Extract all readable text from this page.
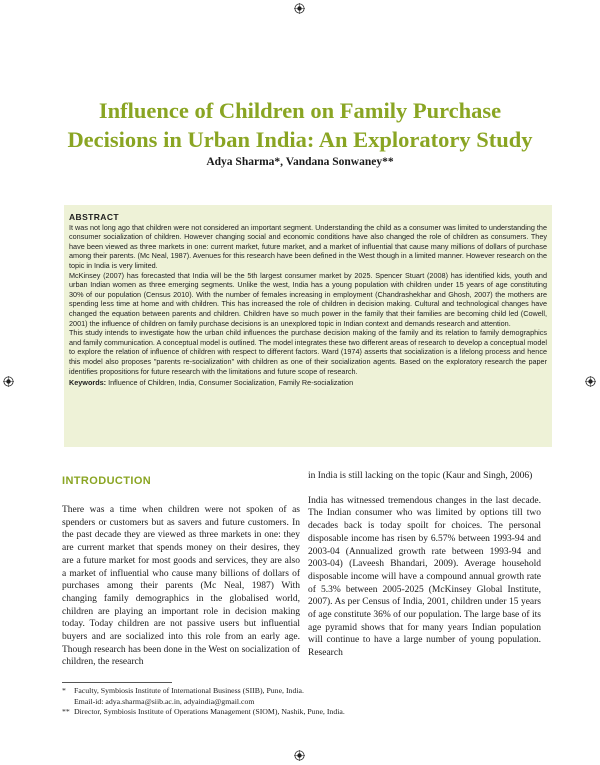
Influence of Children on Family Purchase
Decisions in Urban India: An Exploratory Study

Adya Sharma*, Vandana Sonwaney**

ABSTRACT

It was not long ago that children were not considered an important segment. Understanding the child as a consumer was limited to understanding the consumer socialization of children. However changing social and economic conditions have also changed the role of children as consumers. They have been viewed as three markets in one: current market, future market, and a market of influential that cause many millions of dollars of purchase among their parents. (Mc Neal, 1987). Avenues for this research have been defined in the West though in a limited manner. However research on the topic in India is very limited.

McKinsey (2007) has forecasted that India will be the 5th largest consumer market by 2025. Spencer Stuart (2008) has identified kids, youth and urban Indian women as three emerging segments. Unlike the west, India has a young population with children under 15 years of age constituting 30% of our population (Census 2010). With the number of females increasing in employment (Chandrashekhar and Ghosh, 2007) the mothers are spending less time at home and with children. This has increased the role of children in decision making. Cultural and technological changes have changed the equation between parents and children. Children have so much power in the family that their families are becoming child led (Cowell, 2001) the influence of children on family purchase decisions is an unexplored topic in Indian context and demands research and attention.

This study intends to investigate how the urban child influences the purchase decision making of the family and its relation to family demographics and family communication. A conceptual model is outlined. The model integrates these two different areas of research to develop a conceptual model to explore the relation of influence of children with respect to different factors. Ward (1974) asserts that socialization is a lifelong process and hence this model also proposes "parents re-socialization" with children as one of their socialization agents. Based on the exploratory research the paper identifies propositions for future research with the limitations and future scope of research.

Keywords: Influence of Children, India, Consumer Socialization, Family Re-socialization

INTRODUCTION

There was a time when children were not spoken of as spenders or customers but as savers and future customers. In the past decade they are viewed as three markets in one: they are current market that spends money on their desires, they are a future market for most goods and services, they are also a market of influential who cause many billions of dollars of purchases among their parents (Mc Neal, 1987) With changing family demographics in the globalised world, children are playing an important role in decision making today. Today children are not passive users but influential buyers and are socialized into this role from an early age. Though research has been done in the West on socialization of children, the research

in India is still lacking on the topic (Kaur and Singh, 2006)

India has witnessed tremendous changes in the last decade. The Indian consumer who was limited by options till two decades back is today spoilt for choices. The personal disposable income has risen by 6.57% between 1993-94 and 2003-04 (Annualized growth rate between 1993-94 and 2003-04) (Laveesh Bhandari, 2009). Average household disposable income will have a compound annual growth rate of 5.3% between 2005-2025 (McKinsey Global Institute, 2007). As per Census of India, 2001, children under 15 years of age constitute 36% of our population. The large base of its age pyramid shows that for many years Indian population will continue to have a large number of young population. Research

* Faculty, Symbiosis Institute of International Business (SIIB), Pune, India.
Email-id: adya.sharma@siib.ac.in, adyaindia@gmail.com
** Director, Symbiosis Institute of Operations Management (SIOM), Nashik, Pune, India.
